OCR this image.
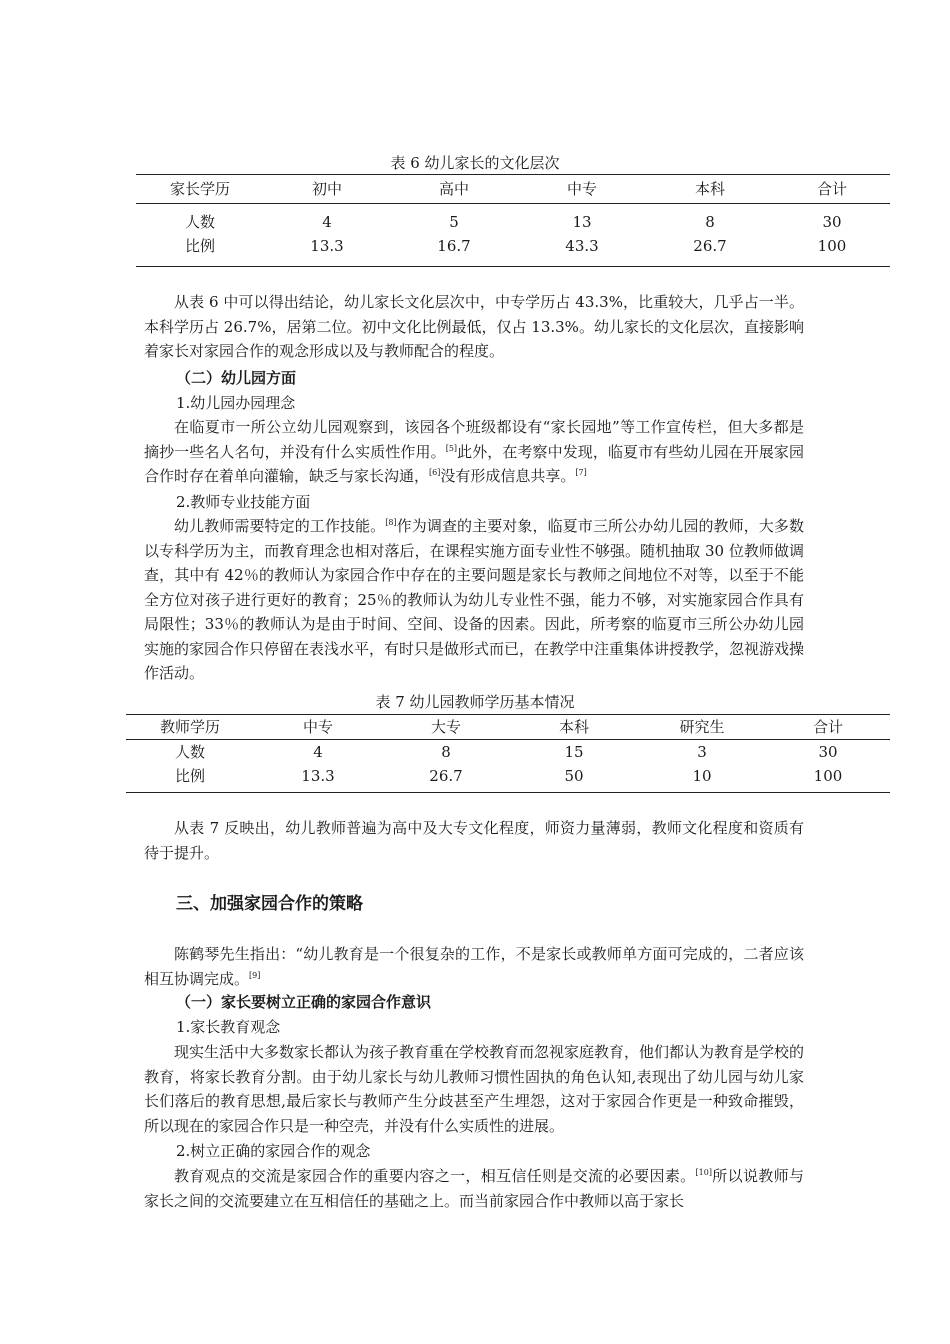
表 6 幼儿家长的文化层次
家长学历	初中	高中	中专	本科	合计
人数	4	5	13	8	30
比例	13.3	16.7	43.3	26.7	100
从表 6 中可以得出结论，幼儿家长文化层次中，中专学历占 43.3%，比重较大，几乎占一半。本科学历占 26.7%，居第二位。初中文化比例最低，仅占 13.3%。幼儿家长的文化层次，直接影响着家长对家园合作的观念形成以及与教师配合的程度。
（二）幼儿园方面
1.幼儿园办园理念
在临夏市一所公立幼儿园观察到，该园各个班级都设有“家长园地”等工作宣传栏，但大多都是摘抄一些名人名句，并没有什么实质性作用。[5]此外，在考察中发现，临夏市有些幼儿园在开展家园合作时存在着单向灌输，缺乏与家长沟通，[6]没有形成信息共享。[7]
2.教师专业技能方面
幼儿教师需要特定的工作技能。[8]作为调查的主要对象，临夏市三所公办幼儿园的教师，大多数以专科学历为主，而教育理念也相对落后，在课程实施方面专业性不够强。随机抽取 30 位教师做调查，其中有 42％的教师认为家园合作中存在的主要问题是家长与教师之间地位不对等，以至于不能全方位对孩子进行更好的教育；25％的教师认为幼儿专业性不强，能力不够，对实施家园合作具有局限性；33％的教师认为是由于时间、空间、设备的因素。因此，所考察的临夏市三所公办幼儿园实施的家园合作只停留在表浅水平，有时只是做形式而已，在教学中注重集体讲授教学，忽视游戏操作活动。
表 7 幼儿园教师学历基本情况
教师学历	中专	大专	本科	研究生	合计
人数	4	8	15	3	30
比例	13.3	26.7	50	10	100
从表 7 反映出，幼儿教师普遍为高中及大专文化程度，师资力量薄弱，教师文化程度和资质有待于提升。
三、加强家园合作的策略
陈鹤琴先生指出：“幼儿教育是一个很复杂的工作，不是家长或教师单方面可完成的，二者应该相互协调完成。[9]
（一）家长要树立正确的家园合作意识
1.家长教育观念
现实生活中大多数家长都认为孩子教育重在学校教育而忽视家庭教育，他们都认为教育是学校的教育，将家长教育分割。由于幼儿家长与幼儿教师习惯性固执的角色认知,表现出了幼儿园与幼儿家长们落后的教育思想,最后家长与教师产生分歧甚至产生埋怨，这对于家园合作更是一种致命摧毁，所以现在的家园合作只是一种空壳，并没有什么实质性的进展。
2.树立正确的家园合作的观念
教育观点的交流是家园合作的重要内容之一，相互信任则是交流的必要因素。[10]所以说教师与家长之间的交流要建立在互相信任的基础之上。而当前家园合作中教师以高于家长
